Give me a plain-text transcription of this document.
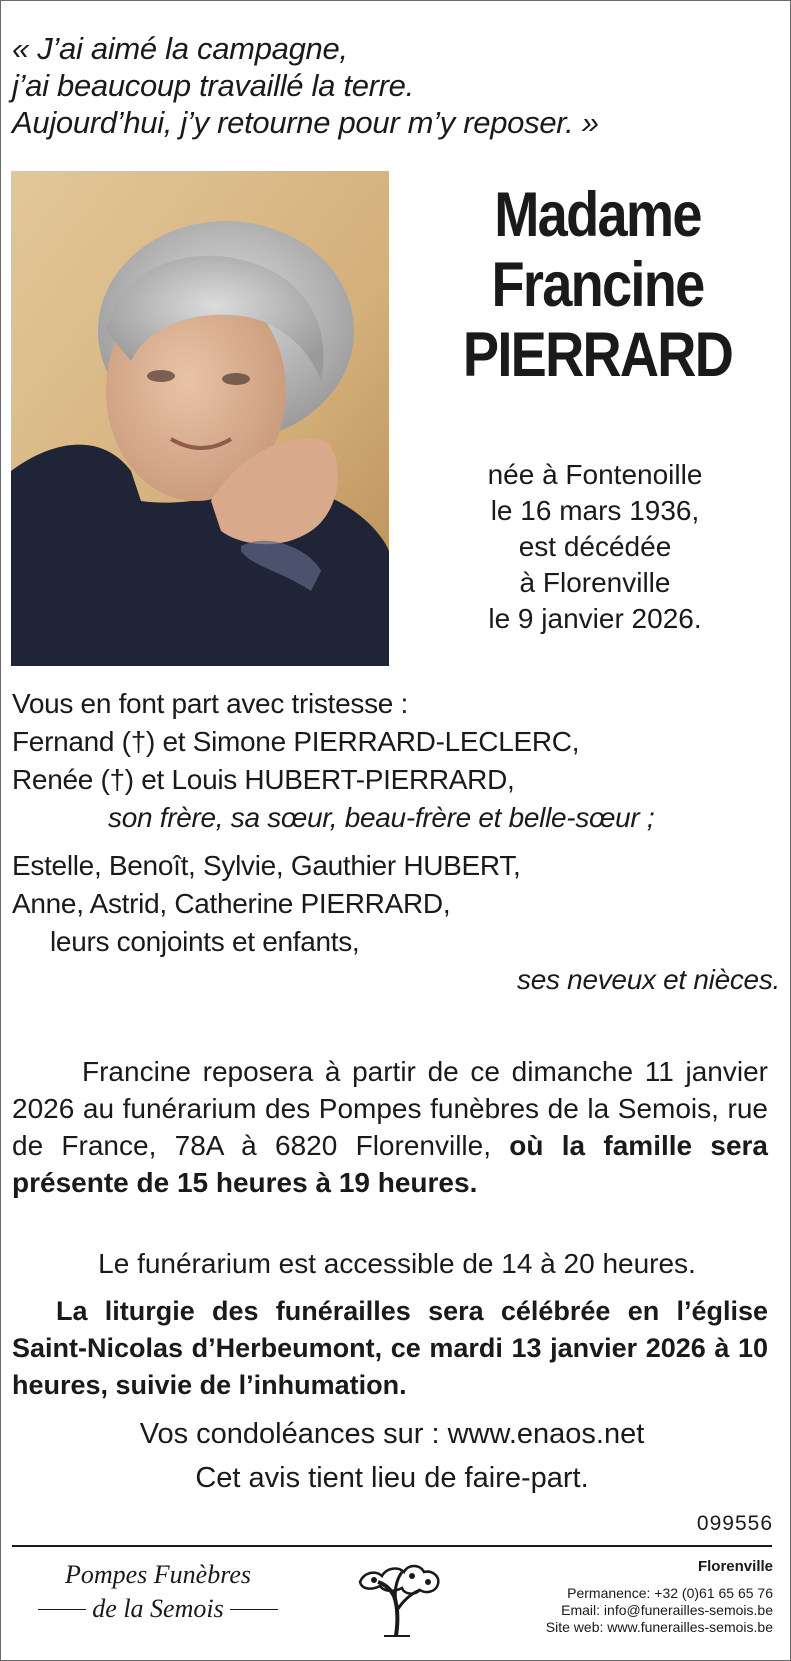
« J’ai aimé la campagne,
j’ai beaucoup travaillé la terre.
Aujourd’hui, j’y retourne pour m’y reposer. »
Madame
Francine
PIERRARD
née à Fontenoille
le 16 mars 1936,
est décédée
à Florenville
le 9 janvier 2026.
Vous en font part avec tristesse :
Fernand (†) et Simone PIERRARD-LECLERC,
Renée (†) et Louis HUBERT-PIERRARD,
son frère, sa sœur, beau-frère et belle-sœur ;
Estelle, Benoît, Sylvie, Gauthier HUBERT,
Anne, Astrid, Catherine PIERRARD,
leurs conjoints et enfants,
ses neveux et nièces.
Francine reposera à partir de ce dimanche 11 janvier 2026 au funérarium des Pompes funèbres de la Semois, rue de France, 78A à 6820 Florenville, où la famille sera présente de 15 heures à 19 heures.
Le funérarium est accessible de 14 à 20 heures.
La liturgie des funérailles sera célébrée en l’église Saint-Nicolas d’Herbeumont, ce mardi 13 janvier 2026 à 10 heures, suivie de l’inhumation.
Vos condoléances sur : www.enaos.net
Cet avis tient lieu de faire-part.
099556
Pompes Funèbres
de la Semois
Florenville
Permanence: +32 (0)61 65 65 76
Email: info@funerailles-semois.be
Site web: www.funerailles-semois.be
